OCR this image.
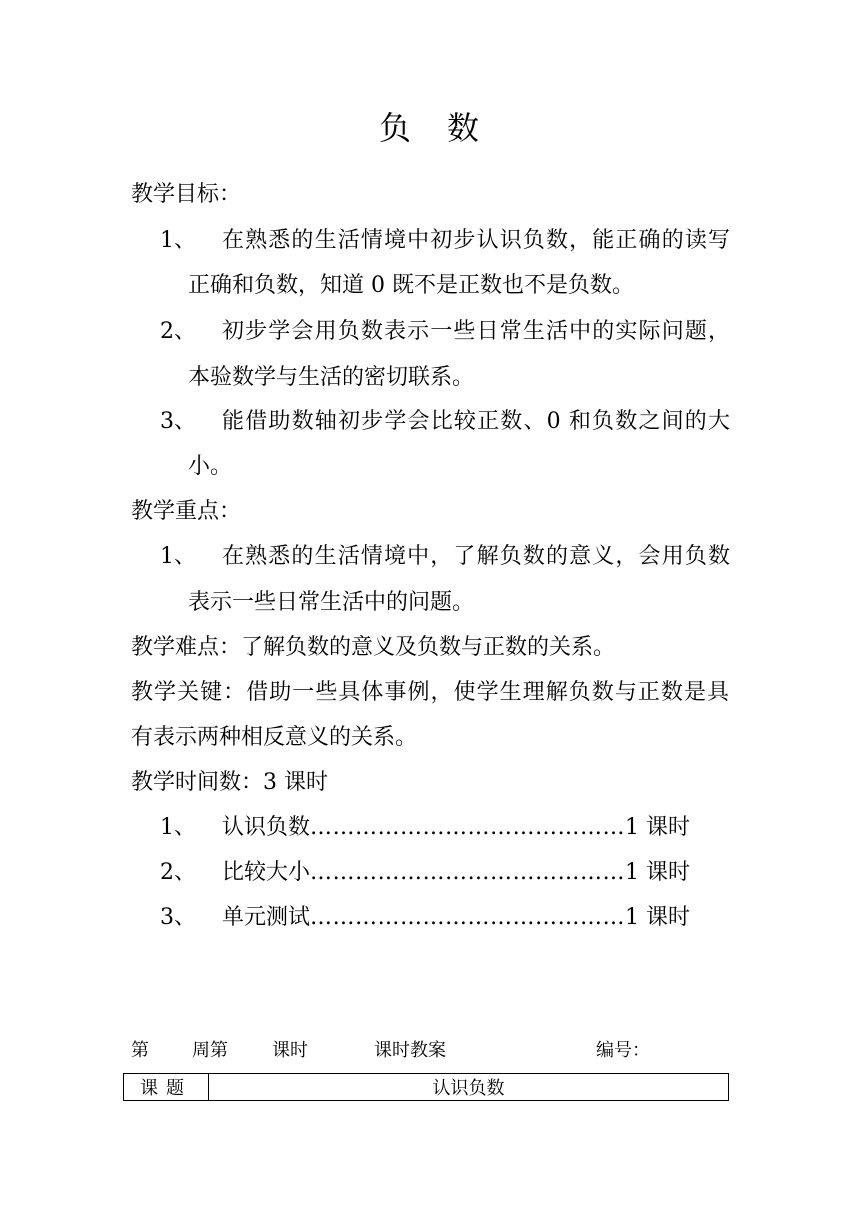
负 数
教学目标：
1、 在熟悉的生活情境中初步认识负数，能正确的读写
正确和负数，知道 0 既不是正数也不是负数。
2、 初步学会用负数表示一些日常生活中的实际问题，
本验数学与生活的密切联系。
3、 能借助数轴初步学会比较正数、0 和负数之间的大
小。
教学重点：
1、 在熟悉的生活情境中，了解负数的意义，会用负数
表示一些日常生活中的问题。
教学难点：了解负数的意义及负数与正数的关系。
教学关键：借助一些具体事例，使学生理解负数与正数是具
有表示两种相反意义的关系。
教学时间数：3 课时
1、 认识负数……………………………………1 课时
2、 比较大小……………………………………1 课时
3、 单元测试……………………………………1 课时
第 周第 课时	课时教案	编号：
课题	认识负数
